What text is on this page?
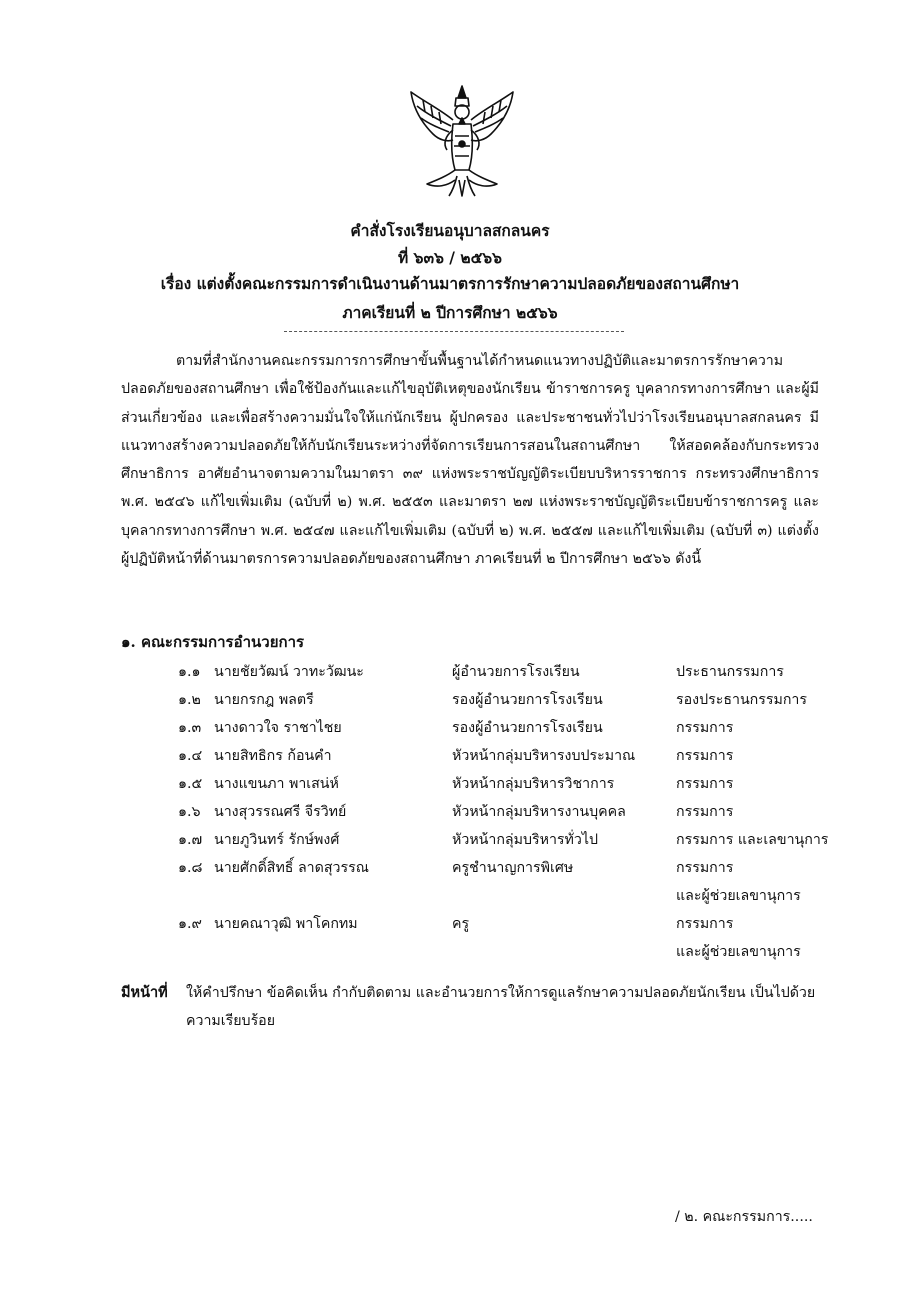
คำสั่งโรงเรียนอนุบาลสกลนคร
ที่ ๖๓๖ / ๒๕๖๖
เรื่อง แต่งตั้งคณะกรรมการดำเนินงานด้านมาตรการรักษาความปลอดภัยของสถานศึกษา
ภาคเรียนที่ ๒ ปีการศึกษา ๒๕๖๖

ตามที่สำนักงานคณะกรรมการการศึกษาขั้นพื้นฐานได้กำหนดแนวทางปฏิบัติและมาตรการรักษาความปลอดภัยของสถานศึกษา เพื่อใช้ป้องกันและแก้ไขอุบัติเหตุของนักเรียน ข้าราชการครู บุคลากรทางการศึกษา และผู้มีส่วนเกี่ยวข้อง และเพื่อสร้างความมั่นใจให้แก่นักเรียน ผู้ปกครอง และประชาชนทั่วไปว่าโรงเรียนอนุบาลสกลนคร มีแนวทางสร้างความปลอดภัยให้กับนักเรียนระหว่างที่จัดการเรียนการสอนในสถานศึกษา ให้สอดคล้องกับกระทรวงศึกษาธิการ อาศัยอำนาจตามความในมาตรา ๓๙ แห่งพระราชบัญญัติระเบียบบริหารราชการ กระทรวงศึกษาธิการ พ.ศ. ๒๕๔๖ แก้ไขเพิ่มเติม (ฉบับที่ ๒) พ.ศ. ๒๕๕๓ และมาตรา ๒๗ แห่งพระราชบัญญัติระเบียบข้าราชการครู และบุคลากรทางการศึกษา พ.ศ. ๒๕๔๗ และแก้ไขเพิ่มเติม (ฉบับที่ ๒) พ.ศ. ๒๕๕๗ และแก้ไขเพิ่มเติม (ฉบับที่ ๓) แต่งตั้งผู้ปฏิบัติหน้าที่ด้านมาตรการความปลอดภัยของสถานศึกษา ภาคเรียนที่ ๒ ปีการศึกษา ๒๕๖๖ ดังนี้

๑. คณะกรรมการอำนวยการ
๑.๑ นายชัยวัฒน์ วาทะวัฒนะ	ผู้อำนวยการโรงเรียน	ประธานกรรมการ
๑.๒ นายกรกฎ พลตรี	รองผู้อำนวยการโรงเรียน	รองประธานกรรมการ
๑.๓ นางดาวใจ ราชาไชย	รองผู้อำนวยการโรงเรียน	กรรมการ
๑.๔ นายสิทธิกร ก้อนคำ	หัวหน้ากลุ่มบริหารงบประมาณ	กรรมการ
๑.๕ นางแขนภา พาเสน่ห์	หัวหน้ากลุ่มบริหารวิชาการ	กรรมการ
๑.๖ นางสุวรรณศรี จีรวิทย์	หัวหน้ากลุ่มบริหารงานบุคคล	กรรมการ
๑.๗ นายภูวินทร์ รักษ์พงศ์	หัวหน้ากลุ่มบริหารทั่วไป	กรรมการ และเลขานุการ
๑.๘ นายศักดิ์สิทธิ์ ลาดสุวรรณ	ครูชำนาญการพิเศษ	กรรมการ
และผู้ช่วยเลขานุการ
๑.๙ นายคณาวุฒิ พาโคกทม	ครู	กรรมการ
และผู้ช่วยเลขานุการ
มีหน้าที่ ให้คำปรึกษา ข้อคิดเห็น กำกับติดตาม และอำนวยการให้การดูแลรักษาความปลอดภัยนักเรียน เป็นไปด้วยความเรียบร้อย

/ ๒. คณะกรรมการ.....
